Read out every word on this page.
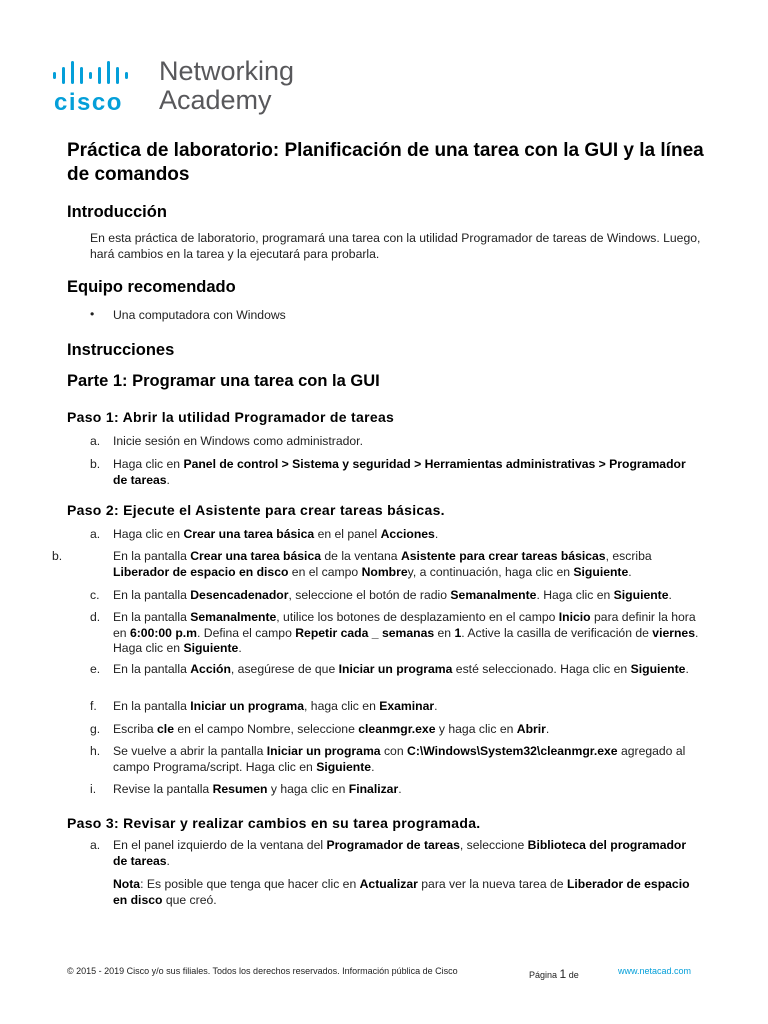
cisco
Networking
Academy
Práctica de laboratorio: Planificación de una tarea con la GUI y la línea de comandos
Introducción
En esta práctica de laboratorio, programará una tarea con la utilidad Programador de tareas de Windows. Luego, hará cambios en la tarea y la ejecutará para probarla.
Equipo recomendado
• Una computadora con Windows
Instrucciones
Parte 1: Programar una tarea con la GUI
Paso 1: Abrir la utilidad Programador de tareas
a.	Inicie sesión en Windows como administrador.
b.	Haga clic en Panel de control > Sistema y seguridad > Herramientas administrativas > Programador de tareas.
Paso 2: Ejecute el Asistente para crear tareas básicas.
a.	Haga clic en Crear una tarea básica en el panel Acciones.
b.	En la pantalla Crear una tarea básica de la ventana Asistente para crear tareas básicas, escriba Liberador de espacio en disco en el campo Nombrey, a continuación, haga clic en Siguiente.
c.	En la pantalla Desencadenador, seleccione el botón de radio Semanalmente. Haga clic en Siguiente.
d.	En la pantalla Semanalmente, utilice los botones de desplazamiento en el campo Inicio para definir la hora en 6:00:00 p.m. Defina el campo Repetir cada _ semanas en 1. Active la casilla de verificación de viernes. Haga clic en Siguiente.
e.	En la pantalla Acción, asegúrese de que Iniciar un programa esté seleccionado. Haga clic en Siguiente.
f.	En la pantalla Iniciar un programa, haga clic en Examinar.
g.	Escriba cle en el campo Nombre, seleccione cleanmgr.exe y haga clic en Abrir.
h.	Se vuelve a abrir la pantalla Iniciar un programa con C:\Windows\System32\cleanmgr.exe agregado al campo Programa/script. Haga clic en Siguiente.
i.	Revise la pantalla Resumen y haga clic en Finalizar.
Paso 3: Revisar y realizar cambios en su tarea programada.
a.	En el panel izquierdo de la ventana del Programador de tareas, seleccione Biblioteca del programador de tareas.
Nota: Es posible que tenga que hacer clic en Actualizar para ver la nueva tarea de Liberador de espacio en disco que creó.
© 2015 - 2019 Cisco y/o sus filiales. Todos los derechos reservados. Información pública de Cisco	Página 1 de	www.netacad.com
